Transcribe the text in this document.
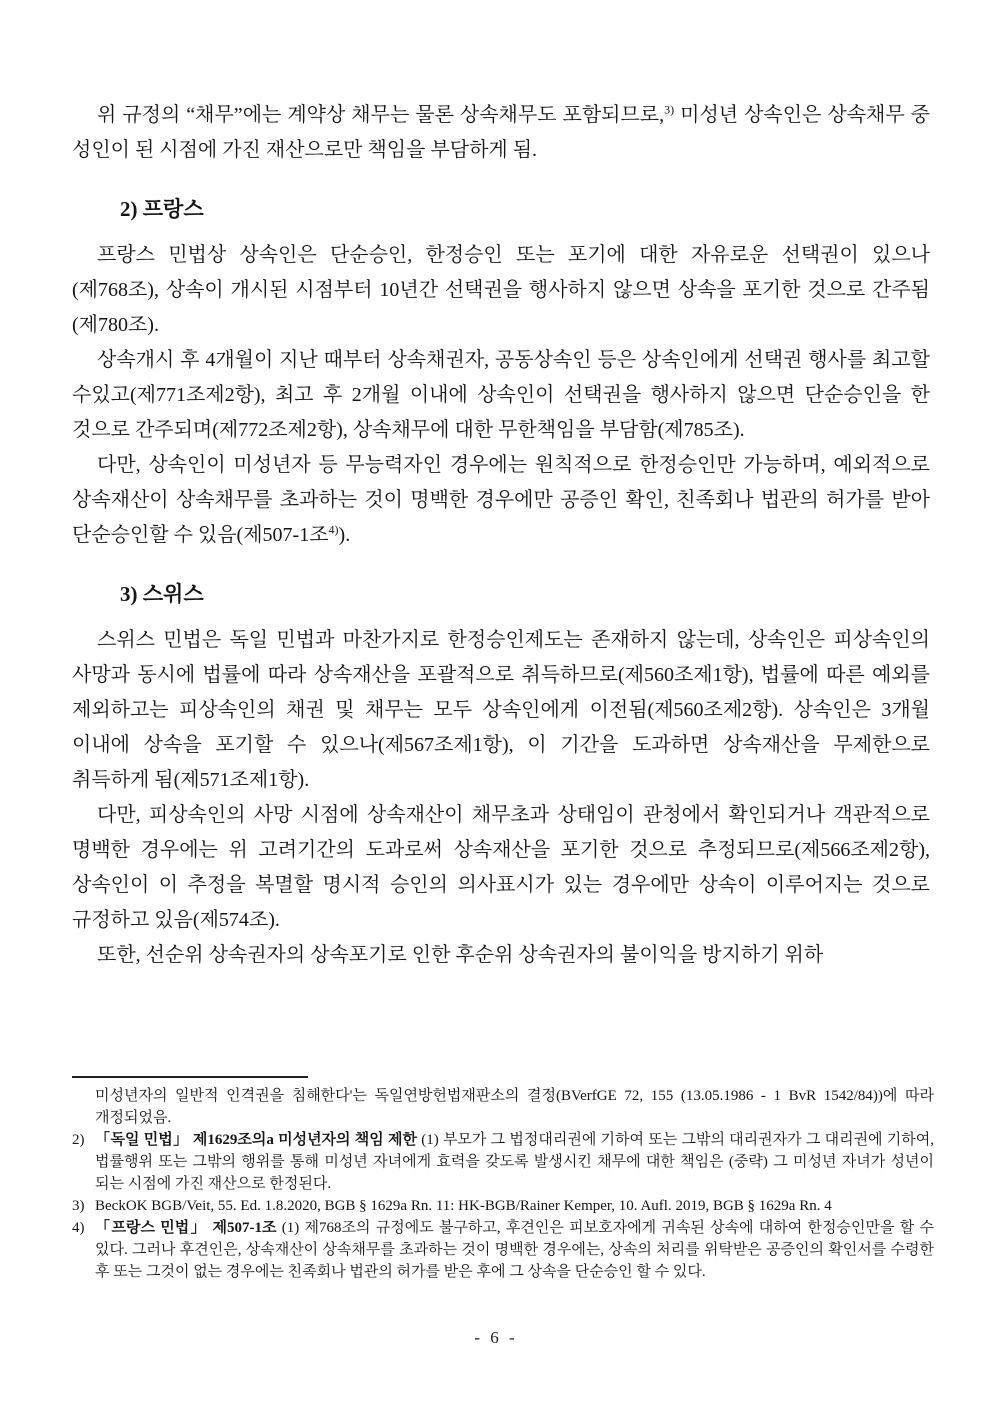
위 규정의 “채무”에는 계약상 채무는 물론 상속채무도 포함되므로,$^{3)}$ 미성년 상속인은 상속채무 중 성인이 된 시점에 가진 재산으로만 책임을 부담하게 됨.

2) 프랑스

프랑스 민법상 상속인은 단순승인, 한정승인 또는 포기에 대한 자유로운 선택권이 있으나(제768조), 상속이 개시된 시점부터 10년간 선택권을 행사하지 않으면 상속을 포기한 것으로 간주됨(제780조).

상속개시 후 4개월이 지난 때부터 상속채권자, 공동상속인 등은 상속인에게 선택권 행사를 최고할 수있고(제771조제2항), 최고 후 2개월 이내에 상속인이 선택권을 행사하지 않으면 단순승인을 한 것으로 간주되며(제772조제2항), 상속채무에 대한 무한책임을 부담함(제785조).

다만, 상속인이 미성년자 등 무능력자인 경우에는 원칙적으로 한정승인만 가능하며, 예외적으로 상속재산이 상속채무를 초과하는 것이 명백한 경우에만 공증인 확인, 친족회나 법관의 허가를 받아 단순승인할 수 있음(제507-1조$^{4)}$).

3) 스위스

스위스 민법은 독일 민법과 마찬가지로 한정승인제도는 존재하지 않는데, 상속인은 피상속인의 사망과 동시에 법률에 따라 상속재산을 포괄적으로 취득하므로(제560조제1항), 법률에 따른 예외를 제외하고는 피상속인의 채권 및 채무는 모두 상속인에게 이전됨(제560조제2항). 상속인은 3개월 이내에 상속을 포기할 수 있으나(제567조제1항), 이 기간을 도과하면 상속재산을 무제한으로 취득하게 됨(제571조제1항).

다만, 피상속인의 사망 시점에 상속재산이 채무초과 상태임이 관청에서 확인되거나 객관적으로 명백한 경우에는 위 고려기간의 도과로써 상속재산을 포기한 것으로 추정되므로(제566조제2항), 상속인이 이 추정을 복멸할 명시적 승인의 의사표시가 있는 경우에만 상속이 이루어지는 것으로 규정하고 있음(제574조).

또한, 선순위 상속권자의 상속포기로 인한 후순위 상속권자의 불이익을 방지하기 위하

미성년자의 일반적 인격권을 침해한다'는 독일연방헌법재판소의 결정(BVerfGE 72, 155 (13.05.1986 - 1 BvR 1542/84))에 따라 개정되었음.
2) 「독일 민법」 제1629조의a 미성년자의 책임 제한 (1) 부모가 그 법정대리권에 기하여 또는 그밖의 대리권자가 그 대리권에 기하여, 법률행위 또는 그밖의 행위를 통해 미성년 자녀에게 효력을 갖도록 발생시킨 채무에 대한 책임은 (중략) 그 미성년 자녀가 성년이 되는 시점에 가진 재산으로 한정된다.
3) BeckOK BGB/Veit, 55. Ed. 1.8.2020, BGB § 1629a Rn. 11: HK-BGB/Rainer Kemper, 10. Aufl. 2019, BGB § 1629a Rn. 4
4) 「프랑스 민법」 제507-1조 (1) 제768조의 규정에도 불구하고, 후견인은 피보호자에게 귀속된 상속에 대하여 한정승인만을 할 수 있다. 그러나 후견인은, 상속재산이 상속채무를 초과하는 것이 명백한 경우에는, 상속의 처리를 위탁받은 공증인의 확인서를 수령한 후 또는 그것이 없는 경우에는 친족회나 법관의 허가를 받은 후에 그 상속을 단순승인 할 수 있다.
- 6 -
